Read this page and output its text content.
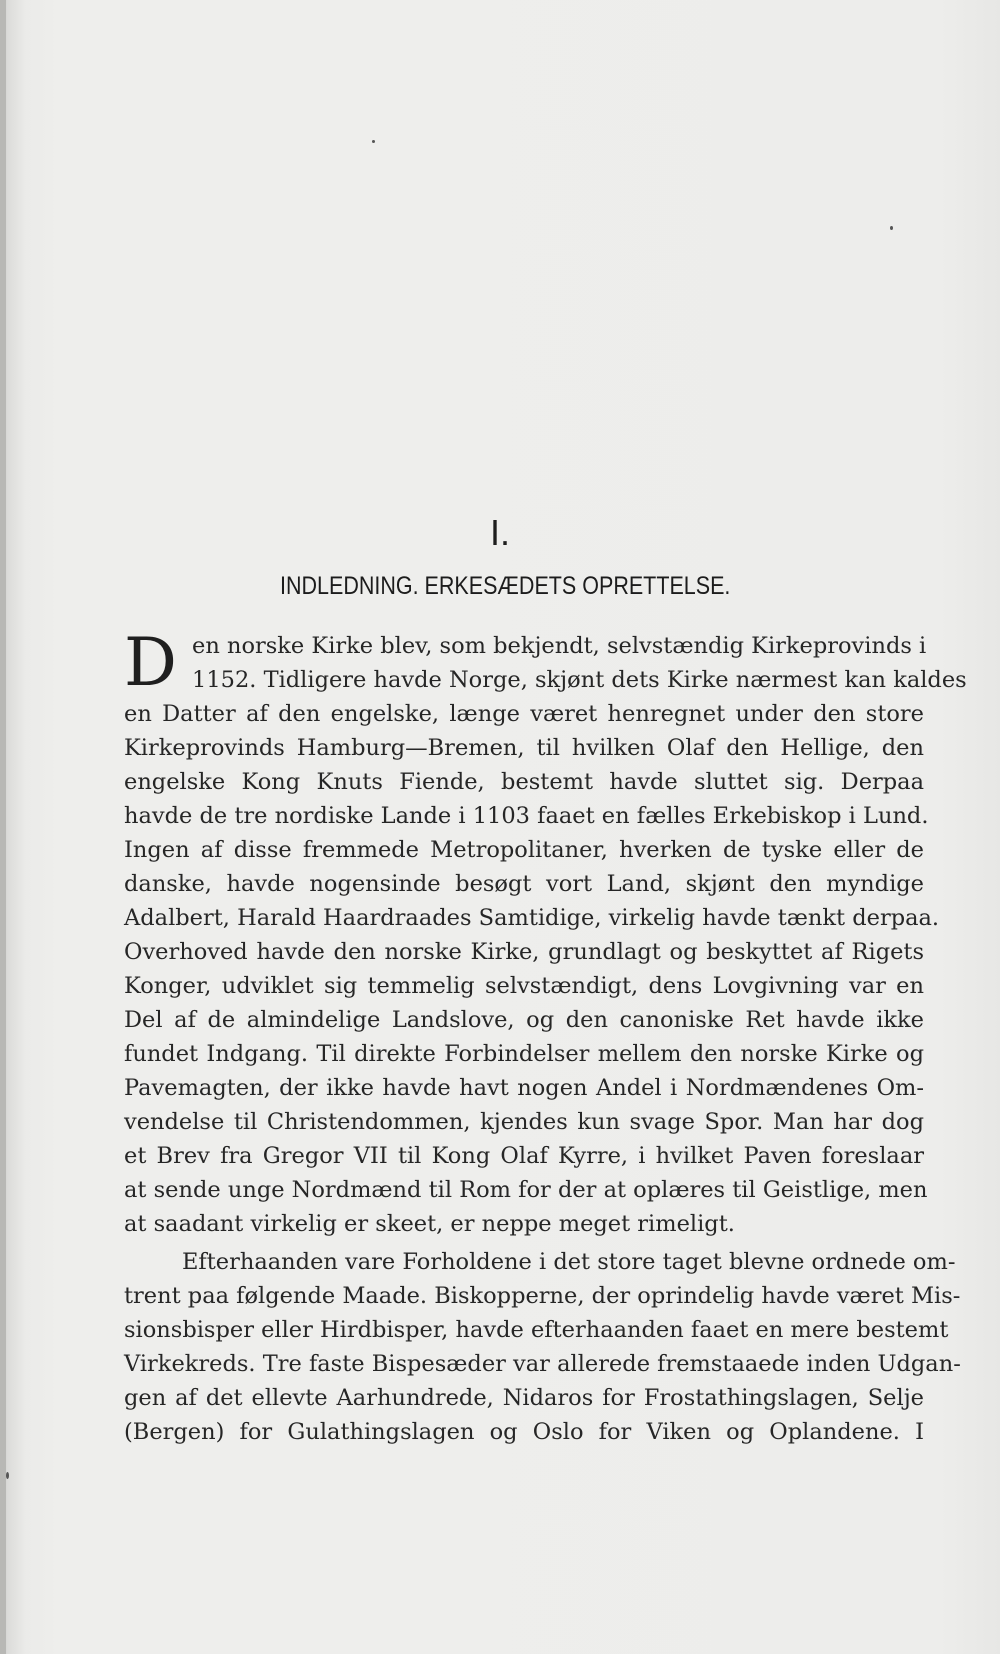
I.
INDLEDNING. ERKESÆDETS OPRETTELSE.
D en norske Kirke blev, som bekjendt, selvstændig Kirkeprovinds i
1152. Tidligere havde Norge, skjønt dets Kirke nærmest kan kaldes
en Datter af den engelske, længe været henregnet under den store
Kirkeprovinds Hamburg—Bremen, til hvilken Olaf den Hellige, den
engelske Kong Knuts Fiende, bestemt havde sluttet sig. Derpaa
havde de tre nordiske Lande i 1103 faaet en fælles Erkebiskop i Lund.
Ingen af disse fremmede Metropolitaner, hverken de tyske eller de
danske, havde nogensinde besøgt vort Land, skjønt den myndige
Adalbert, Harald Haardraades Samtidige, virkelig havde tænkt derpaa.
Overhoved havde den norske Kirke, grundlagt og beskyttet af Rigets
Konger, udviklet sig temmelig selvstændigt, dens Lovgivning var en
Del af de almindelige Landslove, og den canoniske Ret havde ikke
fundet Indgang. Til direkte Forbindelser mellem den norske Kirke og
Pavemagten, der ikke havde havt nogen Andel i Nordmændenes Om-
vendelse til Christendommen, kjendes kun svage Spor. Man har dog
et Brev fra Gregor VII til Kong Olaf Kyrre, i hvilket Paven foreslaar
at sende unge Nordmænd til Rom for der at oplæres til Geistlige, men
at saadant virkelig er skeet, er neppe meget rimeligt.
Efterhaanden vare Forholdene i det store taget blevne ordnede om-
trent paa følgende Maade. Biskopperne, der oprindelig havde været Mis-
sionsbisper eller Hirdbisper, havde efterhaanden faaet en mere bestemt
Virkekreds. Tre faste Bispesæder var allerede fremstaaede inden Udgan-
gen af det ellevte Aarhundrede, Nidaros for Frostathingslagen, Selje
(Bergen) for Gulathingslagen og Oslo for Viken og Oplandene. I
